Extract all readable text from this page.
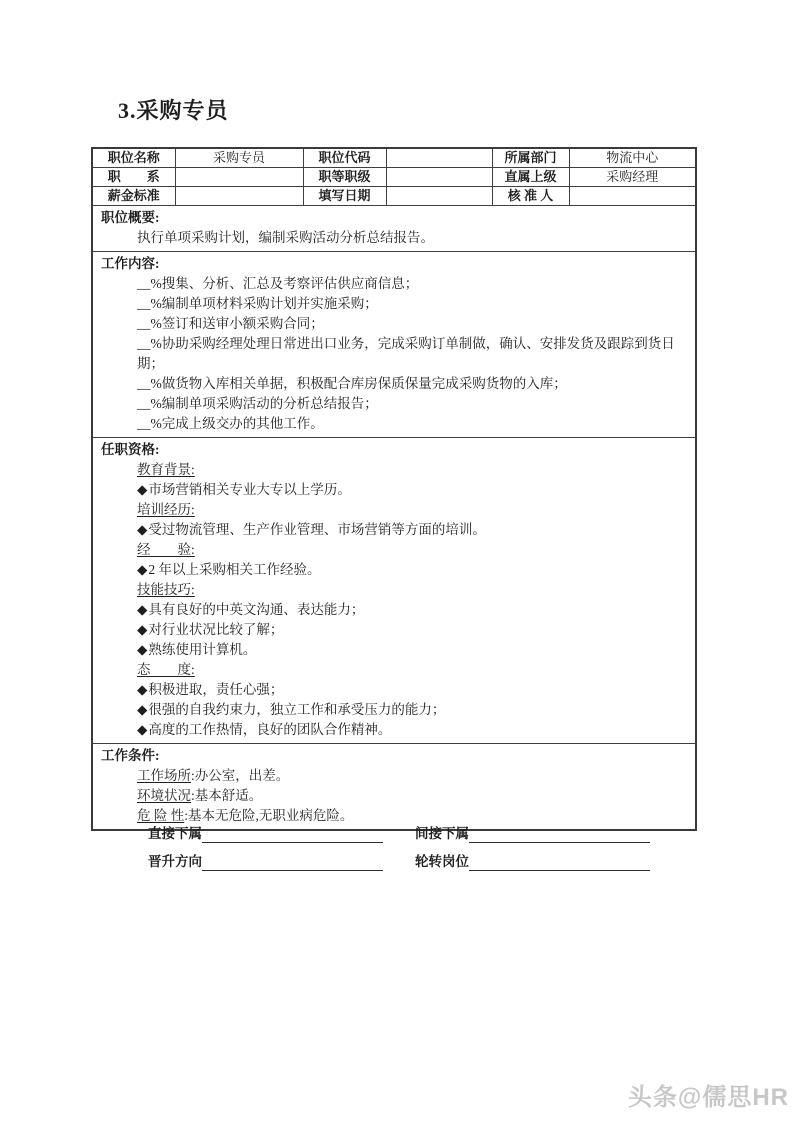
3.采购专员
职位名称	采购专员	职位代码		所属部门	物流中心
职　　系		职等职级		直属上级	采购经理
薪金标准		填写日期		核 准 人	
职位概要:
执行单项采购计划，编制采购活动分析总结报告。
工作内容:
__%搜集、分析、汇总及考察评估供应商信息；
__%编制单项材料采购计划并实施采购；
__%签订和送审小额采购合同；
__%协助采购经理处理日常进出口业务，完成采购订单制做，确认、安排发货及跟踪到货日期；
__%做货物入库相关单据，积极配合库房保质保量完成采购货物的入库；
__%编制单项采购活动的分析总结报告；
__%完成上级交办的其他工作。
任职资格:
教育背景:
◆市场营销相关专业大专以上学历。
培训经历:
◆受过物流管理、生产作业管理、市场营销等方面的培训。
经　　验:
◆2 年以上采购相关工作经验。
技能技巧:
◆具有良好的中英文沟通、表达能力；
◆对行业状况比较了解；
◆熟练使用计算机。
态　　度:
◆积极进取，责任心强；
◆很强的自我约束力，独立工作和承受压力的能力；
◆高度的工作热情，良好的团队合作精神。
工作条件:
工作场所:办公室，出差。
环境状况:基本舒适。
危 险 性:基本无危险,无职业病危险。
直接下属	间接下属
晋升方向	轮转岗位
头条@儒思HR
